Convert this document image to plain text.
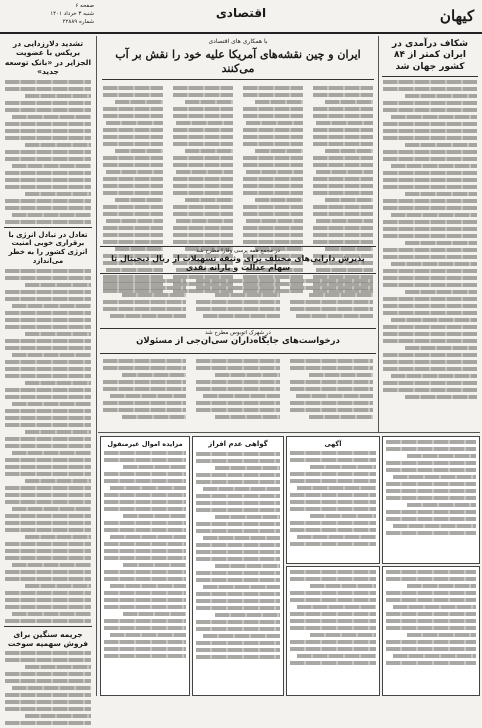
کیهان
اقتصادی
صفحه ۶
شنبه ۳ خرداد ۱۴۰۱
شماره ۲۲۸۸۹
شکاف درآمدی در ایران کمتر از ۸۴ کشور جهان شد
تشدید دلارزدایی در بریکس با عضویت الجزایر در «بانک توسعه جدید»
تعادل در تبادل انرژی با برقراری خوبی امنیت انرژی کشور را به خطر می‌اندازد
جریمه سنگین برای فروش سهمیه سوخت
با همکاری های اقتصادی
ایران و چین نقشه‌های آمریکا علیه خود را نقش بر آب می‌کنند
در مجمع همه پرسی وقارا مطرح شد
پذیرش دارایی‌های مختلف برای وثیقه تسهیلات از ریال دیجیتال تا سهام عدالت و یارانه نقدی
در شهرک اتوبوس مطرح شد
درخواست‌های جایگاه‌داران سی‌ان‌جی از مسئولان
مزایده اموال غیرمنقول	گواهی عدم افراز	آگهی
